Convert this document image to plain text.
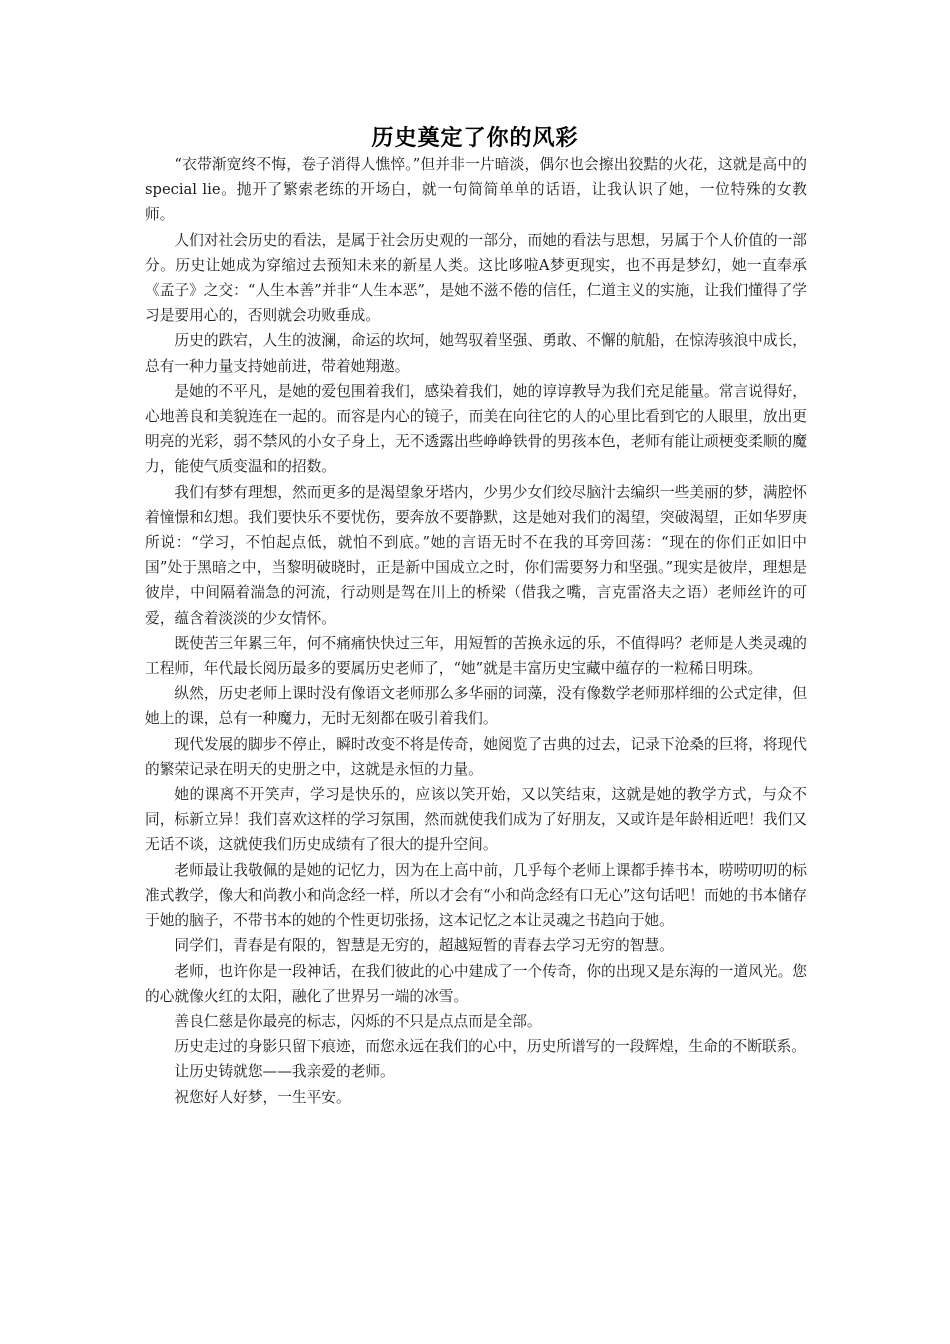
历史奠定了你的风彩

“衣带渐宽终不悔，卷子消得人憔悴。”但并非一片暗淡，偶尔也会擦出狡黠的火花，这就是高中的special lie。抛开了繁索老练的开场白，就一句简简单单的话语，让我认识了她，一位特殊的女教师。

人们对社会历史的看法，是属于社会历史观的一部分，而她的看法与思想，另属于个人价值的一部分。历史让她成为穿缩过去预知未来的新星人类。这比哆啦A梦更现实，也不再是梦幻，她一直奉承《孟子》之交：“人生本善”并非“人生本恶”，是她不滋不倦的信任，仁道主义的实施，让我们懂得了学习是要用心的，否则就会功败垂成。

历史的跌宕，人生的波澜，命运的坎坷，她驾驭着坚强、勇敢、不懈的航船，在惊涛骇浪中成长，总有一种力量支持她前进，带着她翔遨。

是她的不平凡，是她的爱包围着我们，感染着我们，她的谆谆教导为我们充足能量。常言说得好，心地善良和美貌连在一起的。而容是内心的镜子，而美在向往它的人的心里比看到它的人眼里，放出更明亮的光彩，弱不禁风的小女子身上，无不透露出些峥峥铁骨的男孩本色，老师有能让顽梗变柔顺的魔力，能使气质变温和的招数。

我们有梦有理想，然而更多的是渴望象牙塔内，少男少女们绞尽脑汁去编织一些美丽的梦，满腔怀着憧憬和幻想。我们要快乐不要忧伤，要奔放不要静默，这是她对我们的渴望，突破渴望，正如华罗庚所说：“学习，不怕起点低，就怕不到底。”她的言语无时不在我的耳旁回荡：“现在的你们正如旧中国”处于黑暗之中，当黎明破晓时，正是新中国成立之时，你们需要努力和坚强。”现实是彼岸，理想是彼岸，中间隔着湍急的河流，行动则是驾在川上的桥梁（借我之嘴，言克雷洛夫之语）老师丝许的可爱，蕴含着淡淡的少女情怀。

既使苦三年累三年，何不痛痛快快过三年，用短暂的苦换永远的乐，不值得吗？老师是人类灵魂的工程师，年代最长阅历最多的要属历史老师了，“她”就是丰富历史宝藏中蕴存的一粒稀日明珠。

纵然，历史老师上课时没有像语文老师那么多华丽的词藻，没有像数学老师那样细的公式定律，但她上的课，总有一种魔力，无时无刻都在吸引着我们。

现代发展的脚步不停止，瞬时改变不将是传奇，她阅览了古典的过去，记录下沧桑的巨将，将现代的繁荣记录在明天的史册之中，这就是永恒的力量。

她的课离不开笑声，学习是快乐的，应该以笑开始，又以笑结束，这就是她的教学方式，与众不同，标新立异！我们喜欢这样的学习氛围，然而就使我们成为了好朋友，又或许是年龄相近吧！我们又无话不谈，这就使我们历史成绩有了很大的提升空间。

老师最让我敬佩的是她的记忆力，因为在上高中前，几乎每个老师上课都手捧书本，唠唠叨叨的标准式教学，像大和尚教小和尚念经一样，所以才会有“小和尚念经有口无心”这句话吧！而她的书本储存于她的脑子，不带书本的她的个性更切张扬，这本记忆之本让灵魂之书趋向于她。

同学们，青春是有限的，智慧是无穷的，超越短暂的青春去学习无穷的智慧。

老师，也许你是一段神话，在我们彼此的心中建成了一个传奇，你的出现又是东海的一道风光。您的心就像火红的太阳，融化了世界另一端的冰雪。

善良仁慈是你最亮的标志，闪烁的不只是点点而是全部。

历史走过的身影只留下痕迹，而您永远在我们的心中，历史所谱写的一段辉煌，生命的不断联系。

让历史铸就您——我亲爱的老师。

祝您好人好梦，一生平安。
